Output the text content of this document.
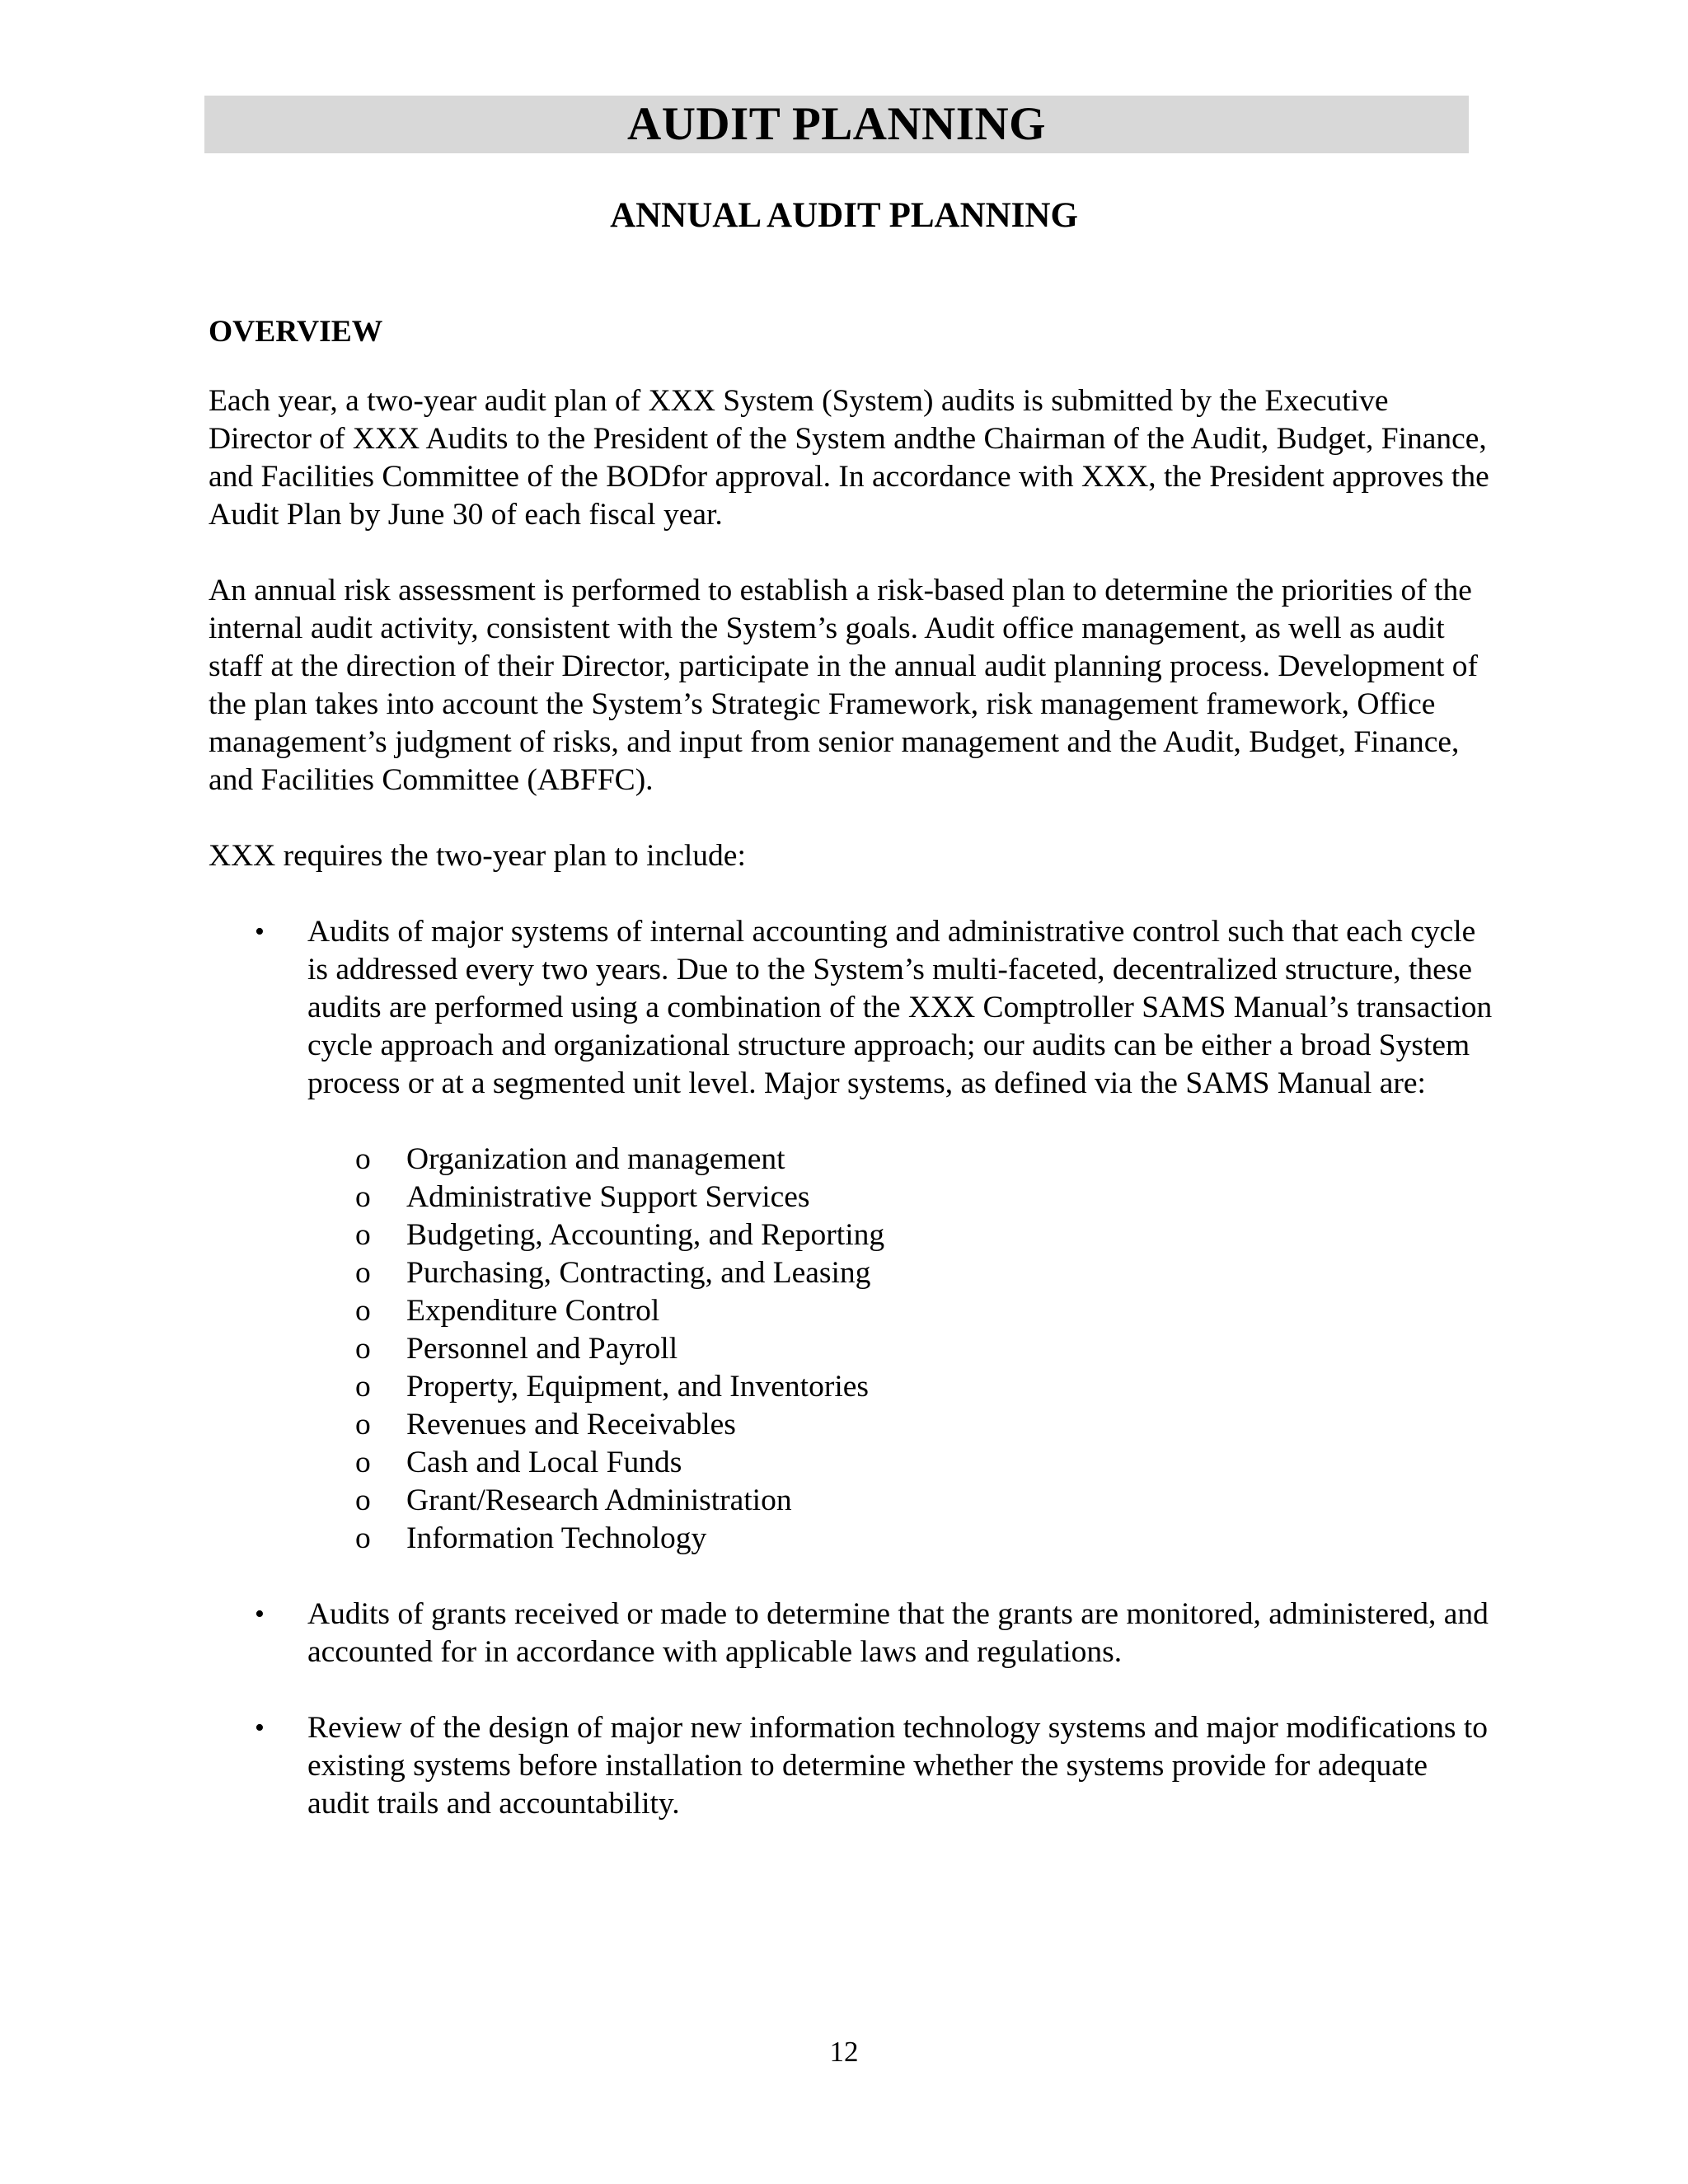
AUDIT PLANNING
ANNUAL AUDIT PLANNING
OVERVIEW

Each year, a two-year audit plan of XXX System (System) audits is submitted by the Executive Director of XXX Audits to the President of the System andthe Chairman of the Audit, Budget, Finance, and Facilities Committee of the BODfor approval. In accordance with XXX, the President approves the Audit Plan by June 30 of each fiscal year.

An annual risk assessment is performed to establish a risk-based plan to determine the priorities of the internal audit activity, consistent with the System’s goals. Audit office management, as well as audit staff at the direction of their Director, participate in the annual audit planning process. Development of the plan takes into account the System’s Strategic Framework, risk management framework, Office management’s judgment of risks, and input from senior management and the Audit, Budget, Finance, and Facilities Committee (ABFFC).

XXX requires the two-year plan to include:

• Audits of major systems of internal accounting and administrative control such that each cycle is addressed every two years. Due to the System’s multi-faceted, decentralized structure, these audits are performed using a combination of the XXX Comptroller SAMS Manual’s transaction cycle approach and organizational structure approach; our audits can be either a broad System process or at a segmented unit level. Major systems, as defined via the SAMS Manual are:
o Organization and management
o Administrative Support Services
o Budgeting, Accounting, and Reporting
o Purchasing, Contracting, and Leasing
o Expenditure Control
o Personnel and Payroll
o Property, Equipment, and Inventories
o Revenues and Receivables
o Cash and Local Funds
o Grant/Research Administration
o Information Technology
• Audits of grants received or made to determine that the grants are monitored, administered, and accounted for in accordance with applicable laws and regulations.
• Review of the design of major new information technology systems and major modifications to existing systems before installation to determine whether the systems provide for adequate audit trails and accountability.
12
